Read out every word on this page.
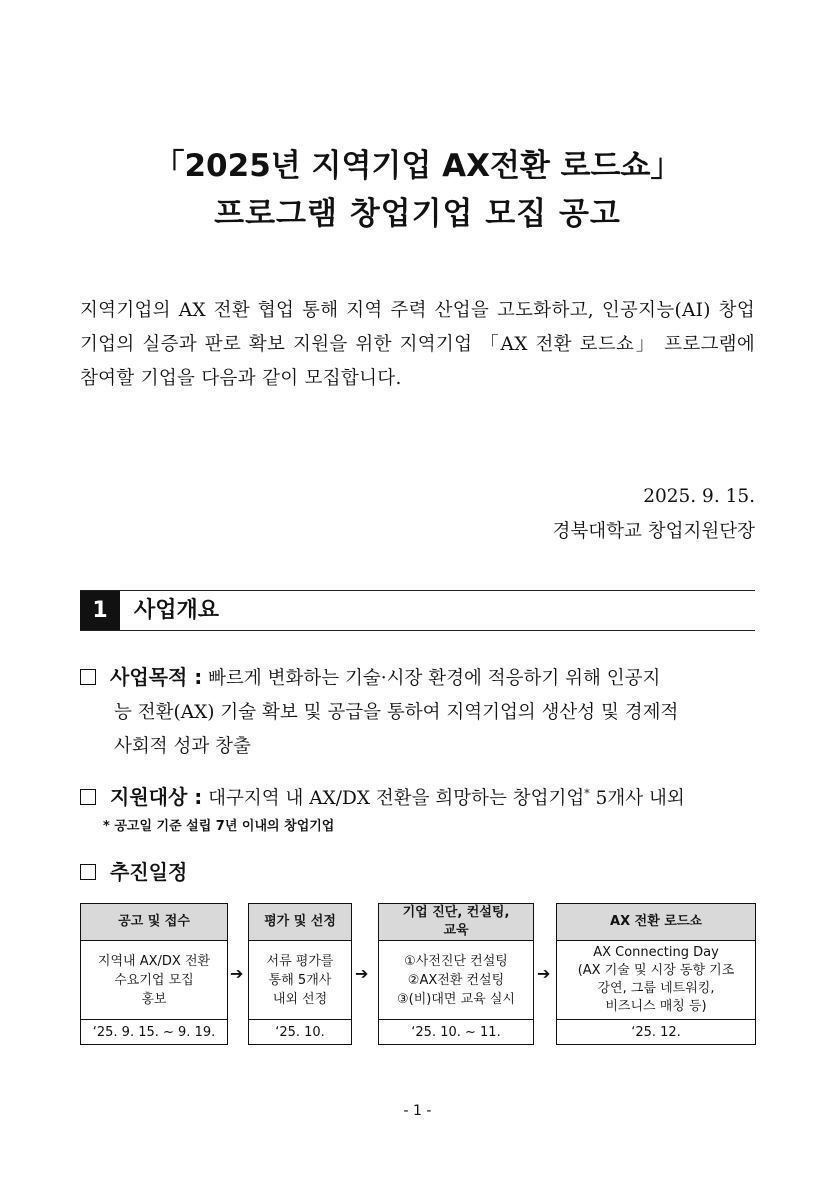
「2025년 지역기업 AX전환 로드쇼」
프로그램 창업기업 모집 공고
지역기업의 AX 전환 협업 통해 지역 주력 산업을 고도화하고, 인공지능(AI) 창업기업의 실증과 판로 확보 지원을 위한 지역기업 「AX 전환 로드쇼」 프로그램에 참여할 기업을 다음과 같이 모집합니다.
2025. 9. 15.
경북대학교 창업지원단장
1	사업개요
사업목적 : 빠르게 변화하는 기술·시장 환경에 적응하기 위해 인공지
능 전환(AX) 기술 확보 및 공급을 통하여 지역기업의 생산성 및 경제적
사회적 성과 창출
지원대상 : 대구지역 내 AX/DX 전환을 희망하는 창업기업* 5개사 내외
* 공고일 기준 설립 7년 이내의 창업기업
추진일정
공고 및 접수
지역내 AX/DX 전환
수요기업 모집
홍보
‘25. 9. 15. ~ 9. 19.
➔
평가 및 선정
서류 평가를
통해 5개사
내외 선정
‘25. 10.
➔
기업 진단, 컨설팅, 교육
①사전진단 컨설팅
②AX전환 컨설팅
③(비)대면 교육 실시
‘25. 10. ~ 11.
➔
AX 전환 로드쇼
AX Connecting Day
(AX 기술 및 시장 동향 기조
강연, 그룹 네트워킹,
비즈니스 매칭 등)
‘25. 12.
- 1 -
